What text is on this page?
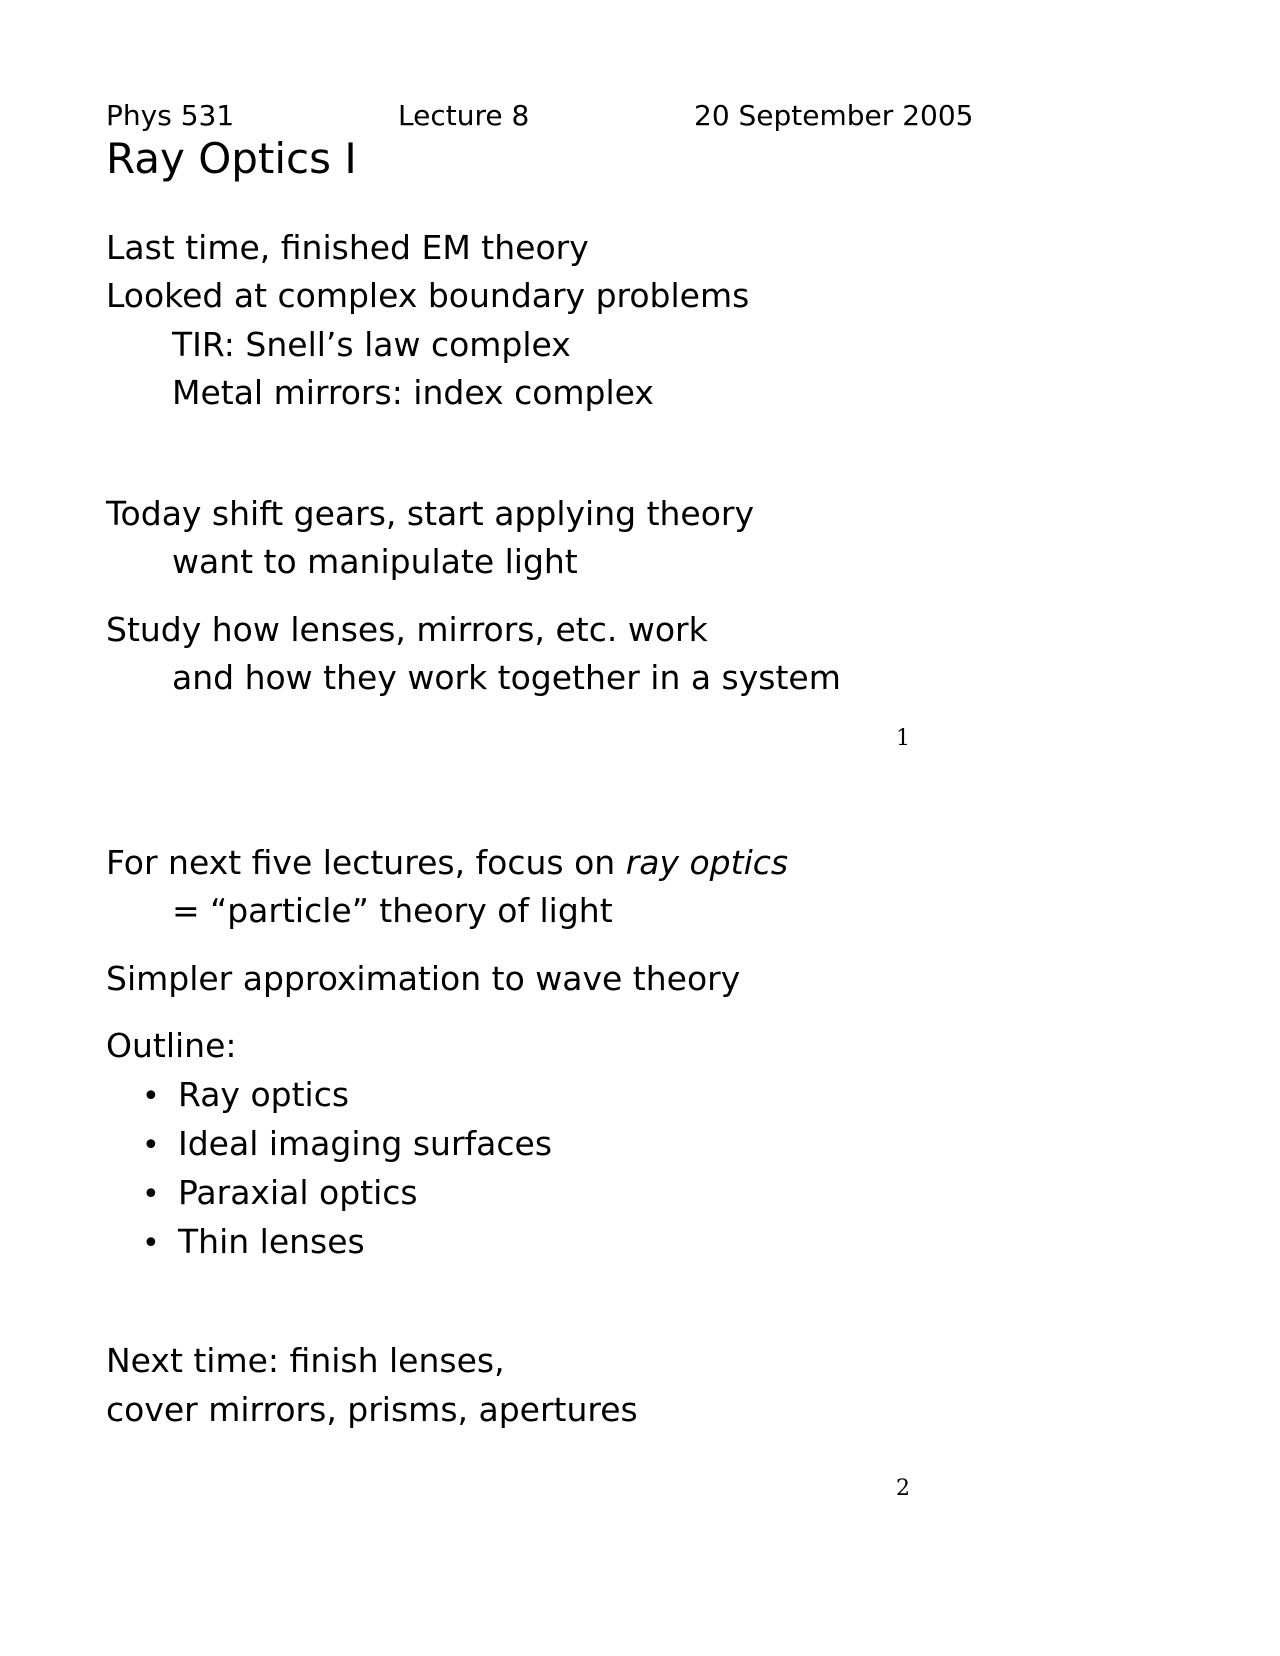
Phys 531	Lecture 8	20 September 2005
Ray Optics I
Last time, finished EM theory
Looked at complex boundary problems
TIR: Snell’s law complex
Metal mirrors: index complex
Today shift gears, start applying theory
want to manipulate light
Study how lenses, mirrors, etc. work
and how they work together in a system
1
For next five lectures, focus on ray optics
= “particle” theory of light
Simpler approximation to wave theory
Outline:
• Ray optics
• Ideal imaging surfaces
• Paraxial optics
• Thin lenses
Next time: finish lenses,
cover mirrors, prisms, apertures
2
